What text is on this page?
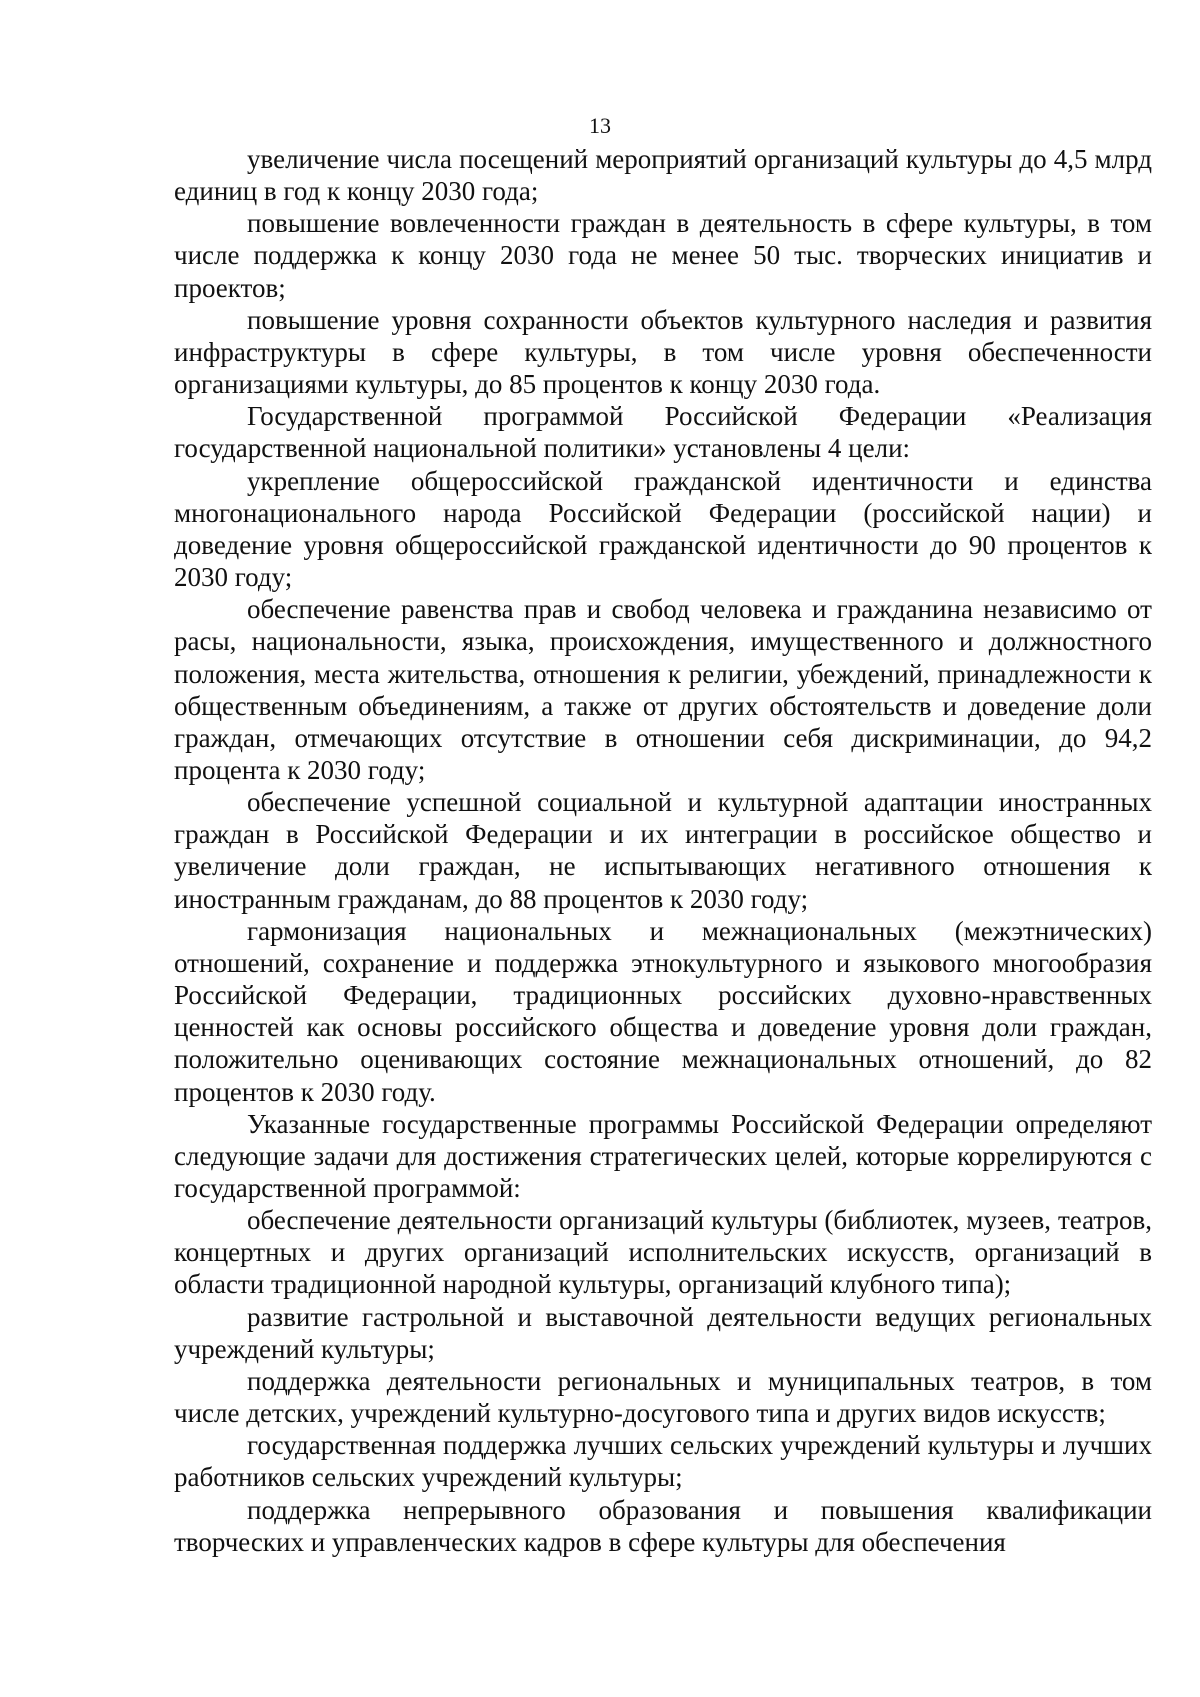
13

увеличение числа посещений мероприятий организаций культуры до 4,5 млрд единиц в год к концу 2030 года;

повышение вовлеченности граждан в деятельность в сфере культуры, в том числе поддержка к концу 2030 года не менее 50 тыс. творческих инициатив и проектов;

повышение уровня сохранности объектов культурного наследия и развития инфраструктуры в сфере культуры, в том числе уровня обеспеченности организациями культуры, до 85 процентов к концу 2030 года.

Государственной программой Российской Федерации «Реализация государственной национальной политики» установлены 4 цели:

укрепление общероссийской гражданской идентичности и единства многонационального народа Российской Федерации (российской нации) и доведение уровня общероссийской гражданской идентичности до 90 процентов к 2030 году;

обеспечение равенства прав и свобод человека и гражданина независимо от расы, национальности, языка, происхождения, имущественного и должностного положения, места жительства, отношения к религии, убеждений, принадлежности к общественным объединениям, а также от других обстоятельств и доведение доли граждан, отмечающих отсутствие в отношении себя дискриминации, до 94,2 процента к 2030 году;

обеспечение успешной социальной и культурной адаптации иностранных граждан в Российской Федерации и их интеграции в российское общество и увеличение доли граждан, не испытывающих негативного отношения к иностранным гражданам, до 88 процентов к 2030 году;

гармонизация национальных и межнациональных (межэтнических) отношений, сохранение и поддержка этнокультурного и языкового многообразия Российской Федерации, традиционных российских духовно-нравственных ценностей как основы российского общества и доведение уровня доли граждан, положительно оценивающих состояние межнациональных отношений, до 82 процентов к 2030 году.

Указанные государственные программы Российской Федерации определяют следующие задачи для достижения стратегических целей, которые коррелируются с государственной программой:

обеспечение деятельности организаций культуры (библиотек, музеев, театров, концертных и других организаций исполнительских искусств, организаций в области традиционной народной культуры, организаций клубного типа);

развитие гастрольной и выставочной деятельности ведущих региональных учреждений культуры;

поддержка деятельности региональных и муниципальных театров, в том числе детских, учреждений культурно-досугового типа и других видов искусств;

государственная поддержка лучших сельских учреждений культуры и лучших работников сельских учреждений культуры;

поддержка непрерывного образования и повышения квалификации творческих и управленческих кадров в сфере культуры для обеспечения
